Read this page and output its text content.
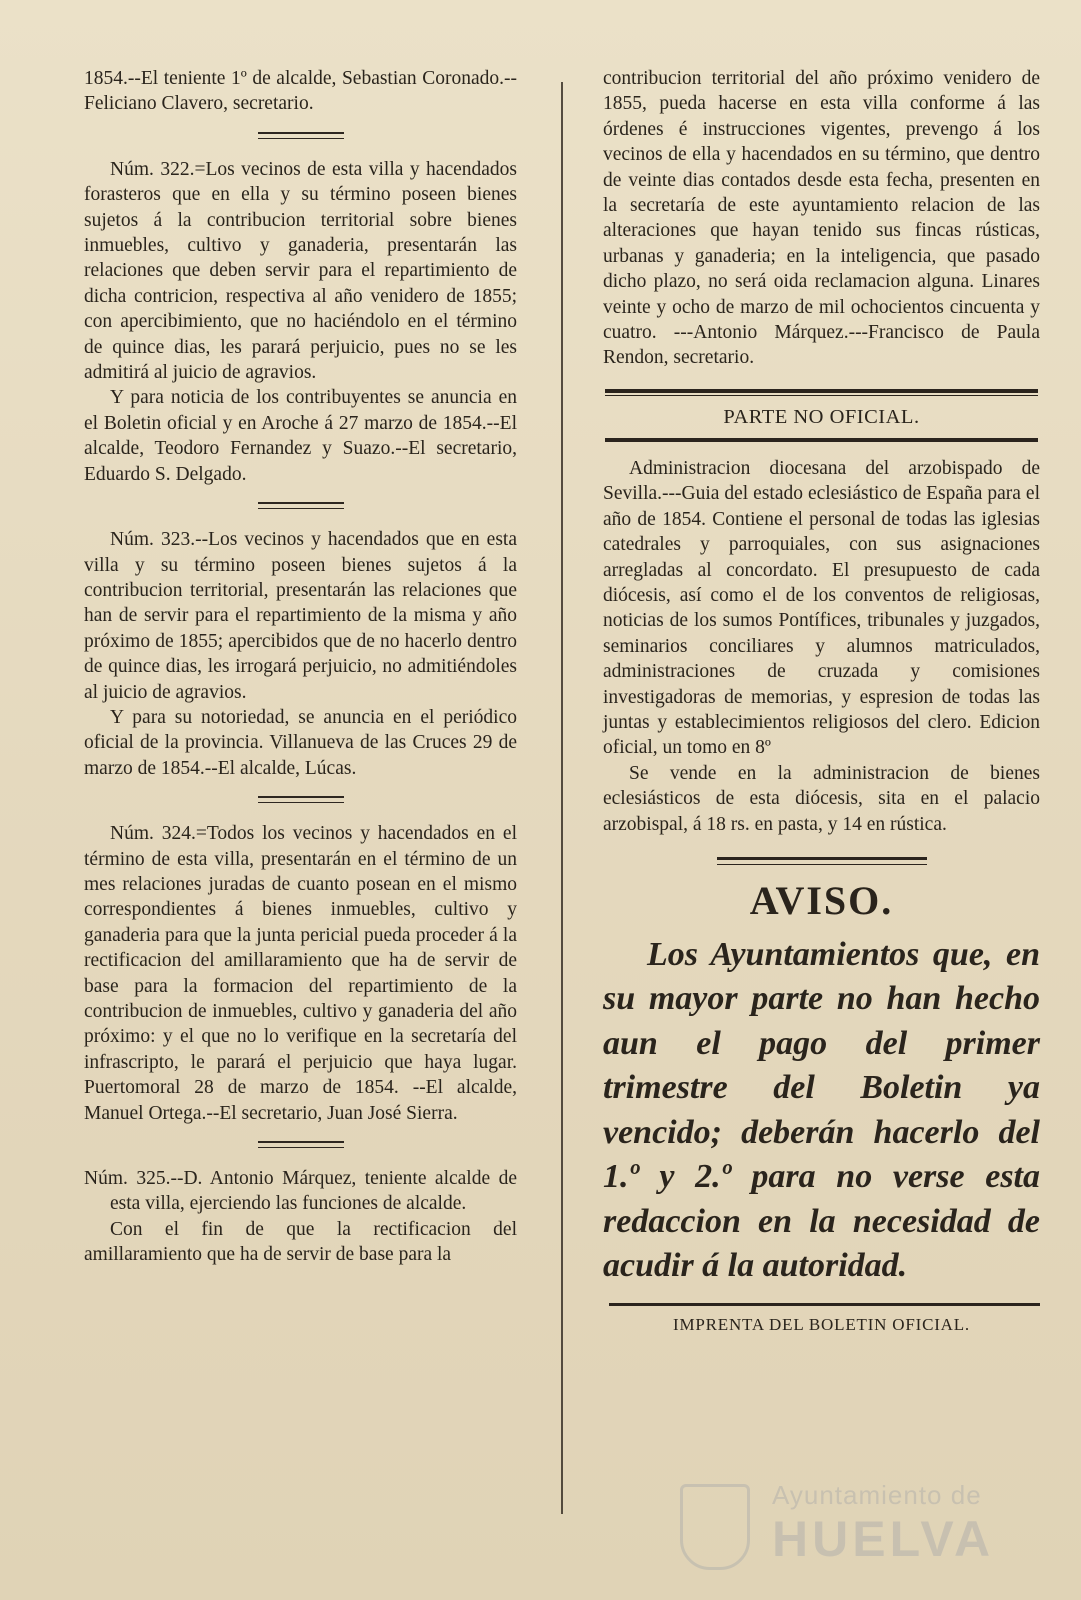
1854.--El teniente 1º de alcalde, Sebastian Coronado.--Feliciano Clavero, secretario.

Núm. 322.=Los vecinos de esta villa y hacendados forasteros que en ella y su término poseen bienes sujetos á la contribucion territorial sobre bienes inmuebles, cultivo y ganaderia, presentarán las relaciones que deben servir para el repartimiento de dicha contricion, respectiva al año venidero de 1855; con apercibimiento, que no haciéndolo en el término de quince dias, les parará perjuicio, pues no se les admitirá al juicio de agravios.

Y para noticia de los contribuyentes se anuncia en el Boletin oficial y en Aroche á 27 marzo de 1854.--El alcalde, Teodoro Fernandez y Suazo.--El secretario, Eduardo S. Delgado.

Núm. 323.--Los vecinos y hacendados que en esta villa y su término poseen bienes sujetos á la contribucion territorial, presentarán las relaciones que han de servir para el repartimiento de la misma y año próximo de 1855; apercibidos que de no hacerlo dentro de quince dias, les irrogará perjuicio, no admitiéndoles al juicio de agravios.

Y para su notoriedad, se anuncia en el periódico oficial de la provincia. Villanueva de las Cruces 29 de marzo de 1854.--El alcalde, Lúcas.

Núm. 324.=Todos los vecinos y hacendados en el término de esta villa, presentarán en el término de un mes relaciones juradas de cuanto posean en el mismo correspondientes á bienes inmuebles, cultivo y ganaderia para que la junta pericial pueda proceder á la rectificacion del amillaramiento que ha de servir de base para la formacion del repartimiento de la contribucion de inmuebles, cultivo y ganaderia del año próximo: y el que no lo verifique en la secretaría del infrascripto, le parará el perjuicio que haya lugar. Puertomoral 28 de marzo de 1854. --El alcalde, Manuel Ortega.--El secretario, Juan José Sierra.

Núm. 325.--D. Antonio Márquez, teniente alcalde de esta villa, ejerciendo las funciones de alcalde.

Con el fin de que la rectificacion del amillaramiento que ha de servir de base para la

contribucion territorial del año próximo venidero de 1855, pueda hacerse en esta villa conforme á las órdenes é instrucciones vigentes, prevengo á los vecinos de ella y hacendados en su término, que dentro de veinte dias contados desde esta fecha, presenten en la secretaría de este ayuntamiento relacion de las alteraciones que hayan tenido sus fincas rústicas, urbanas y ganaderia; en la inteligencia, que pasado dicho plazo, no será oida reclamacion alguna. Linares veinte y ocho de marzo de mil ochocientos cincuenta y cuatro. ---Antonio Márquez.---Francisco de Paula Rendon, secretario.

PARTE NO OFICIAL.

Administracion diocesana del arzobispado de Sevilla.---Guia del estado eclesiástico de España para el año de 1854. Contiene el personal de todas las iglesias catedrales y parroquiales, con sus asignaciones arregladas al concordato. El presupuesto de cada diócesis, así como el de los conventos de religiosas, noticias de los sumos Pontífices, tribunales y juzgados, seminarios conciliares y alumnos matriculados, administraciones de cruzada y comisiones investigadoras de memorias, y espresion de todas las juntas y establecimientos religiosos del clero. Edicion oficial, un tomo en 8º

Se vende en la administracion de bienes eclesiásticos de esta diócesis, sita en el palacio arzobispal, á 18 rs. en pasta, y 14 en rústica.

AVISO.

Los Ayuntamientos que, en su mayor parte no han hecho aun el pago del primer trimestre del Boletin ya vencido; deberán hacerlo del 1.º y 2.º para no verse esta redaccion en la necesidad de acudir á la autoridad.

IMPRENTA DEL BOLETIN OFICIAL.

Ayuntamiento de
HUELVA
